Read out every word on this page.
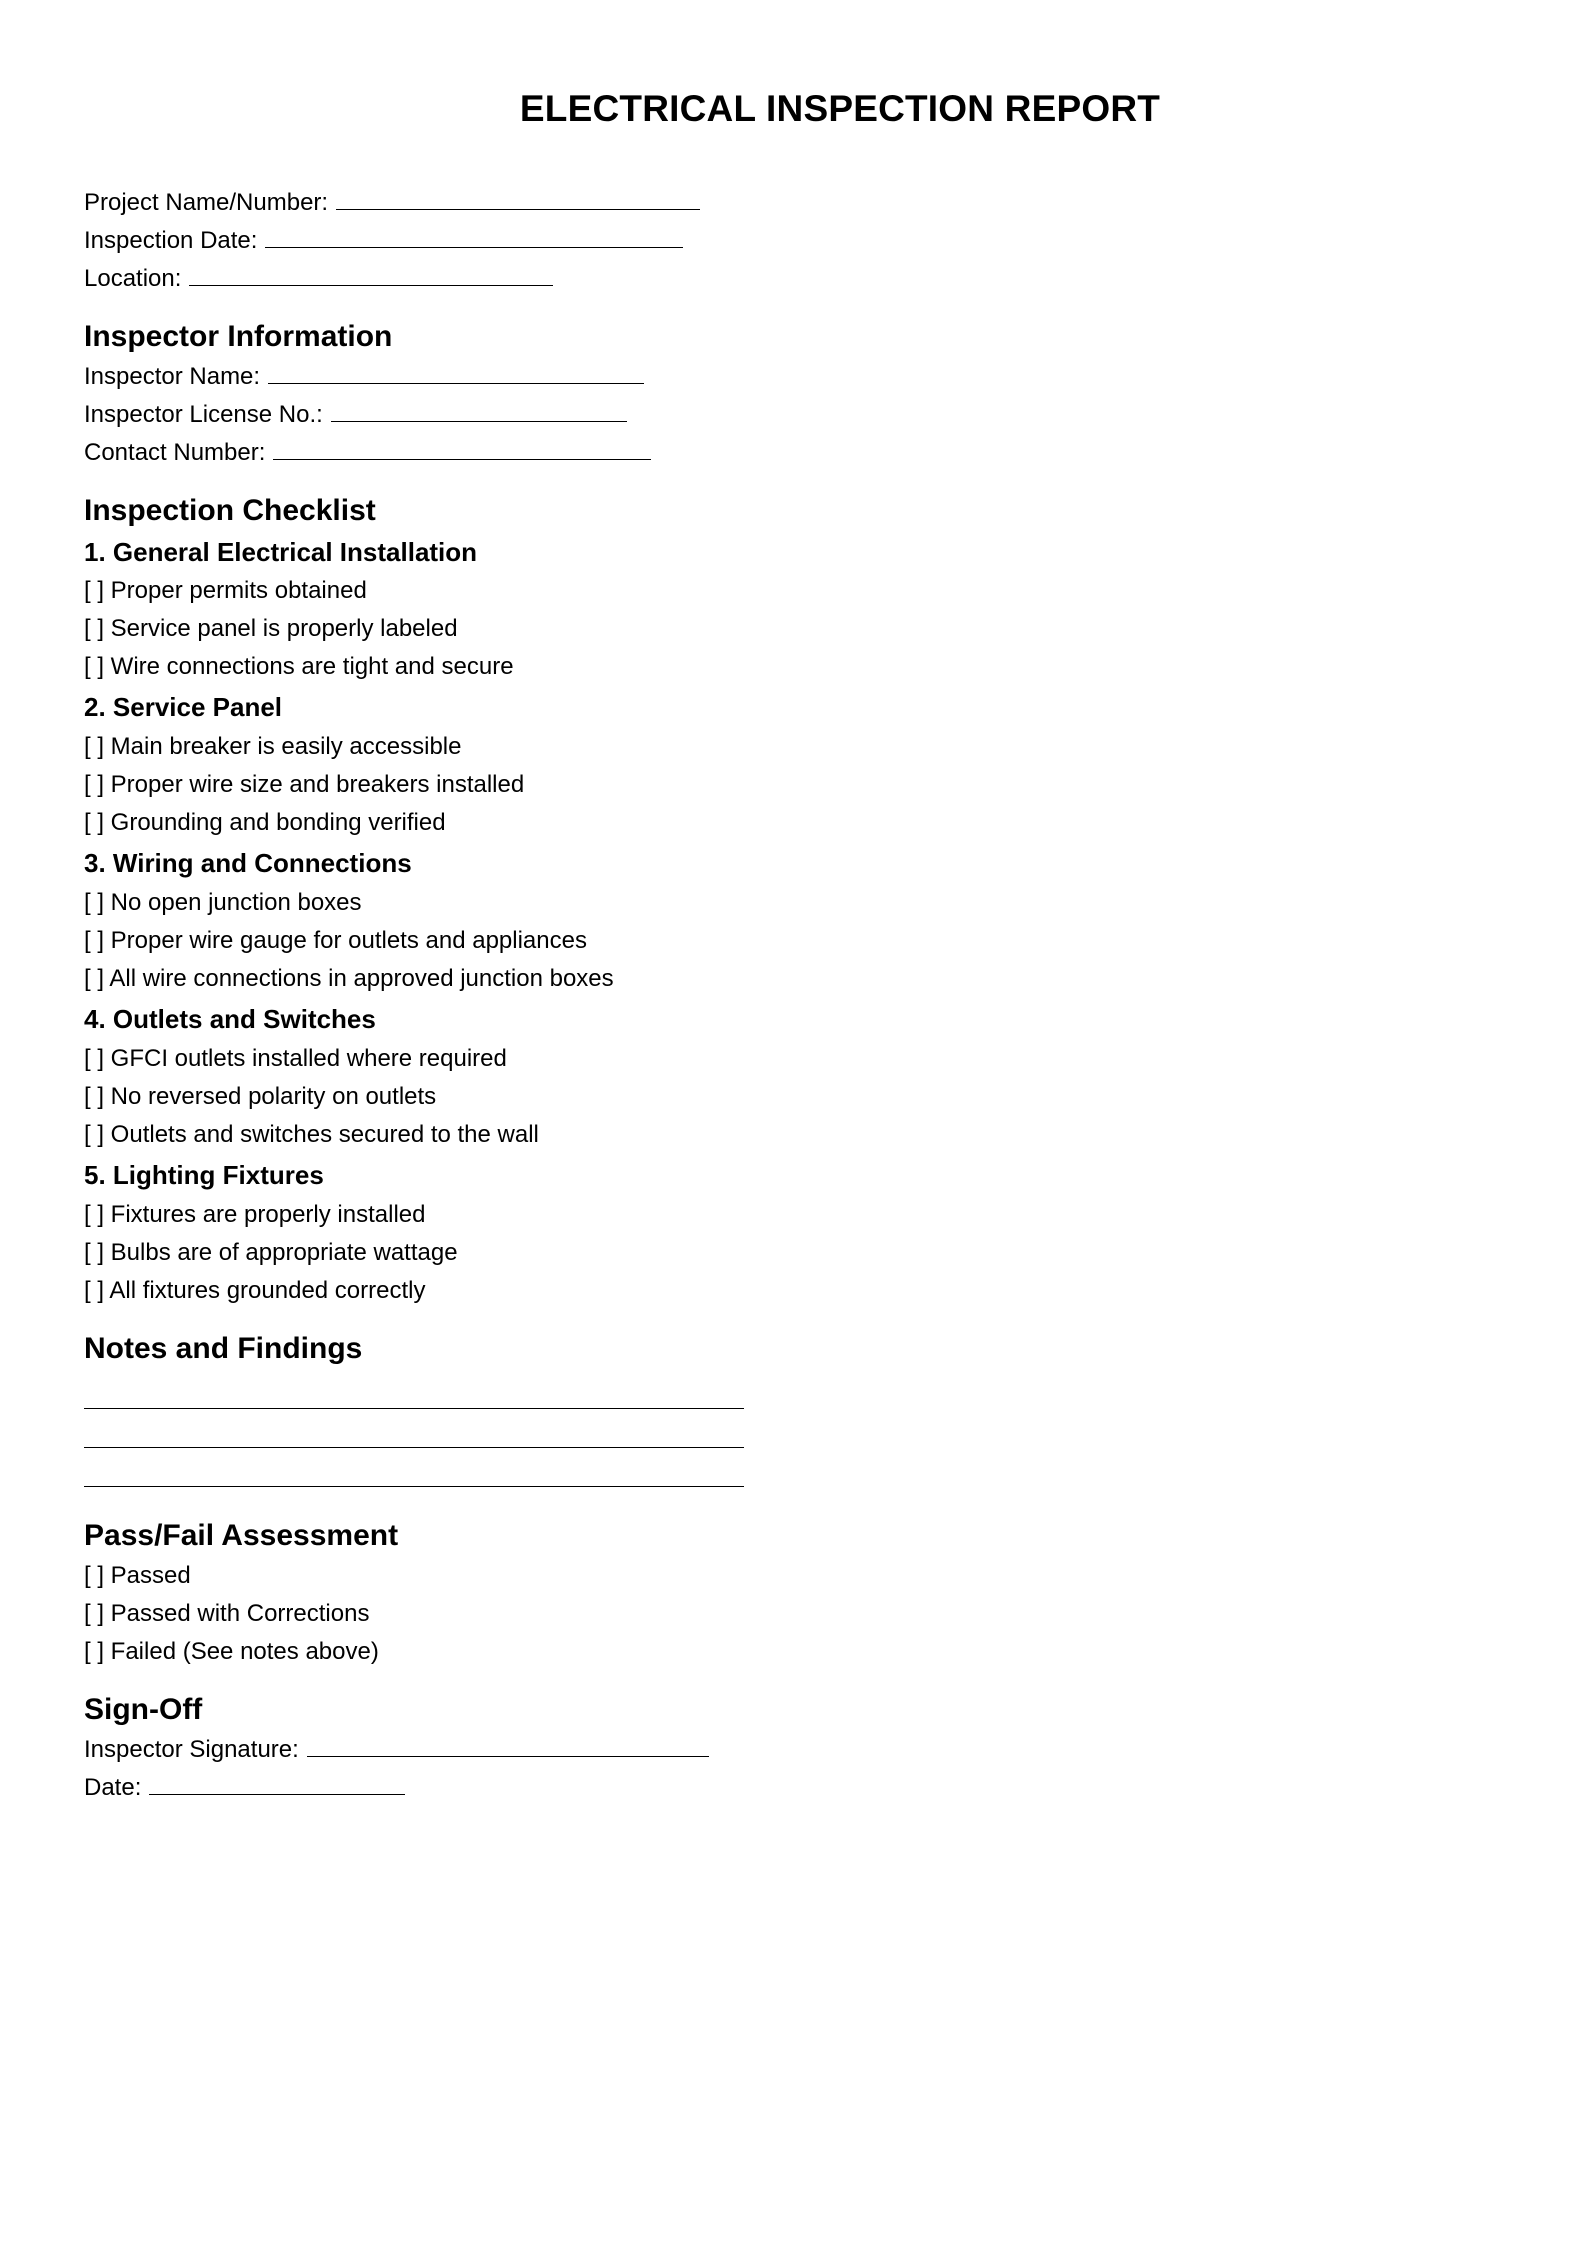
ELECTRICAL INSPECTION REPORT
Project Name/Number:
Inspection Date:
Location:
Inspector Information
Inspector Name:
Inspector License No.:
Contact Number:
Inspection Checklist
1. General Electrical Installation
[ ] Proper permits obtained
[ ] Service panel is properly labeled
[ ] Wire connections are tight and secure
2. Service Panel
[ ] Main breaker is easily accessible
[ ] Proper wire size and breakers installed
[ ] Grounding and bonding verified
3. Wiring and Connections
[ ] No open junction boxes
[ ] Proper wire gauge for outlets and appliances
[ ] All wire connections in approved junction boxes
4. Outlets and Switches
[ ] GFCI outlets installed where required
[ ] No reversed polarity on outlets
[ ] Outlets and switches secured to the wall
5. Lighting Fixtures
[ ] Fixtures are properly installed
[ ] Bulbs are of appropriate wattage
[ ] All fixtures grounded correctly
Notes and Findings
Pass/Fail Assessment
[ ] Passed
[ ] Passed with Corrections
[ ] Failed (See notes above)
Sign-Off
Inspector Signature:
Date:
